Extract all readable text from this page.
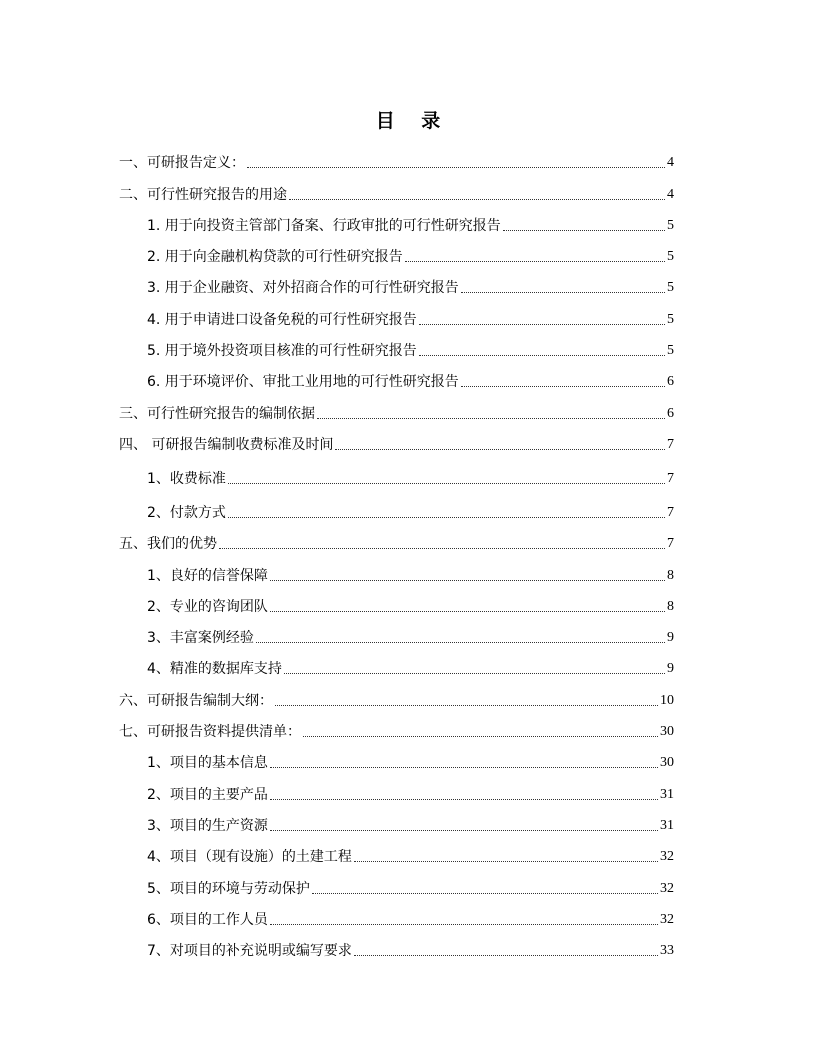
目 录
一、可研报告定义：	4
二、可行性研究报告的用途	4
1. 用于向投资主管部门备案、行政审批的可行性研究报告	5
2. 用于向金融机构贷款的可行性研究报告	5
3. 用于企业融资、对外招商合作的可行性研究报告	5
4. 用于申请进口设备免税的可行性研究报告	5
5. 用于境外投资项目核准的可行性研究报告	5
6. 用于环境评价、审批工业用地的可行性研究报告	6
三、可行性研究报告的编制依据	6
四、 可研报告编制收费标准及时间	7
1、收费标准	7
2、付款方式	7
五、我们的优势	7
1、良好的信誉保障	8
2、专业的咨询团队	8
3、丰富案例经验	9
4、精准的数据库支持	9
六、可研报告编制大纲：	10
七、可研报告资料提供清单：	30
1、项目的基本信息	30
2、项目的主要产品	31
3、项目的生产资源	31
4、项目（现有设施）的土建工程	32
5、项目的环境与劳动保护	32
6、项目的工作人员	32
7、对项目的补充说明或编写要求	33
